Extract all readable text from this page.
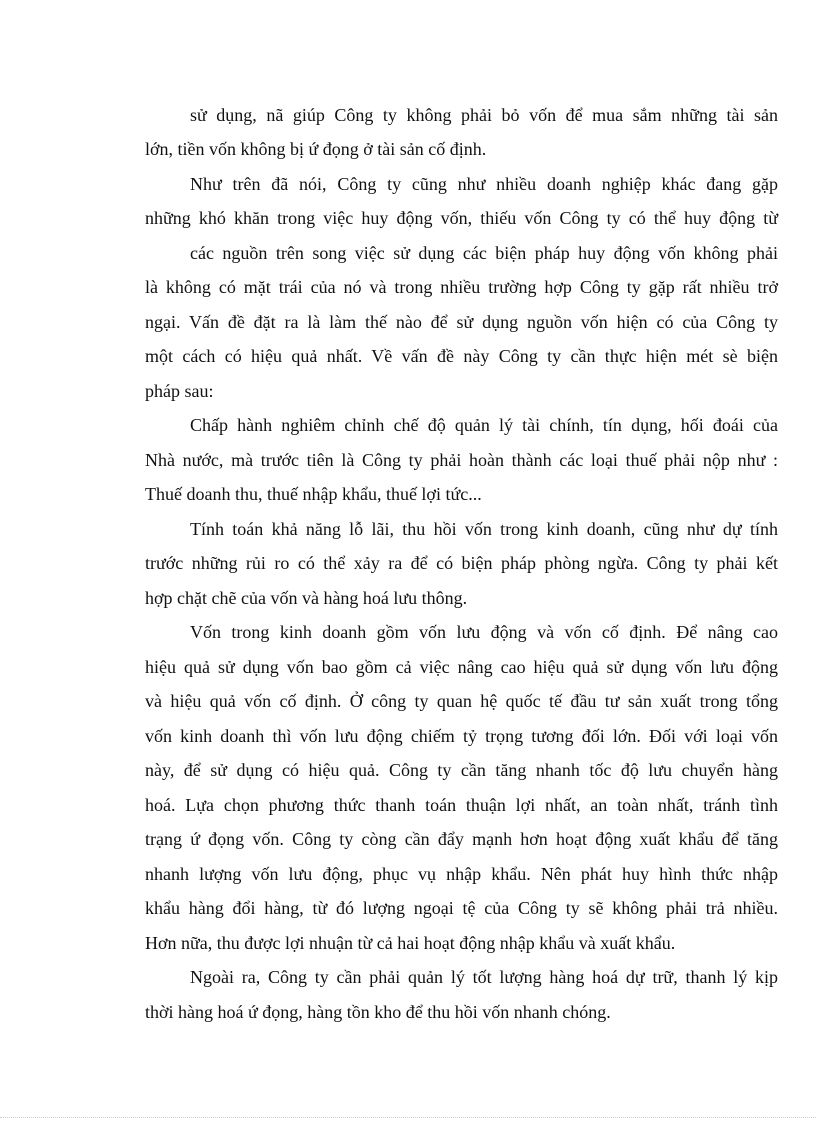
sử dụng, nã giúp Công ty không phải bỏ vốn để mua sắm những tài sản
lớn, tiền vốn không bị ứ đọng ở tài sản cố định.
Như trên đã nói, Công ty cũng như nhiều doanh nghiệp khác đang gặp
những khó khăn trong việc huy động vốn, thiếu vốn Công ty có thể huy động từ
các nguồn trên song việc sử dụng các biện pháp huy động vốn không phải
là không có mặt trái của nó và trong nhiều trường hợp Công ty gặp rất nhiều trở
ngại. Vấn đề đặt ra là làm thế nào để sử dụng nguồn vốn hiện có của Công ty
một cách có hiệu quả nhất. Về vấn đề này Công ty cần thực hiện mét sè biện
pháp sau:
Chấp hành nghiêm chỉnh chế độ quản lý tài chính, tín dụng, hối đoái của
Nhà nước, mà trước tiên là Công ty phải hoàn thành các loại thuế phải nộp như :
Thuế doanh thu, thuế nhập khẩu, thuế lợi tức...
Tính toán khả năng lỗ lãi, thu hồi vốn trong kinh doanh, cũng như dự tính
trước những rủi ro có thể xảy ra để có biện pháp phòng ngừa. Công ty phải kết
hợp chặt chẽ của vốn và hàng hoá lưu thông.
Vốn trong kinh doanh gồm vốn lưu động và vốn cố định. Để nâng cao
hiệu quả sử dụng vốn bao gồm cả việc nâng cao hiệu quả sử dụng vốn lưu động
và hiệu quả vốn cố định. Ở công ty quan hệ quốc tế đầu tư sản xuất trong tổng
vốn kinh doanh thì vốn lưu động chiếm tỷ trọng tương đối lớn. Đối với loại vốn
này, để sử dụng có hiệu quả. Công ty cần tăng nhanh tốc độ lưu chuyển hàng
hoá. Lựa chọn phương thức thanh toán thuận lợi nhất, an toàn nhất, tránh tình
trạng ứ đọng vốn. Công ty còng cần đẩy mạnh hơn hoạt động xuất khẩu để tăng
nhanh lượng vốn lưu động, phục vụ nhập khẩu. Nên phát huy hình thức nhập
khẩu hàng đổi hàng, từ đó lượng ngoại tệ của Công ty sẽ không phải trả nhiều.
Hơn nữa, thu được lợi nhuận từ cả hai hoạt động nhập khẩu và xuất khẩu.
Ngoài ra, Công ty cần phải quản lý tốt lượng hàng hoá dự trữ, thanh lý kịp
thời hàng hoá ứ đọng, hàng tồn kho để thu hồi vốn nhanh chóng.
